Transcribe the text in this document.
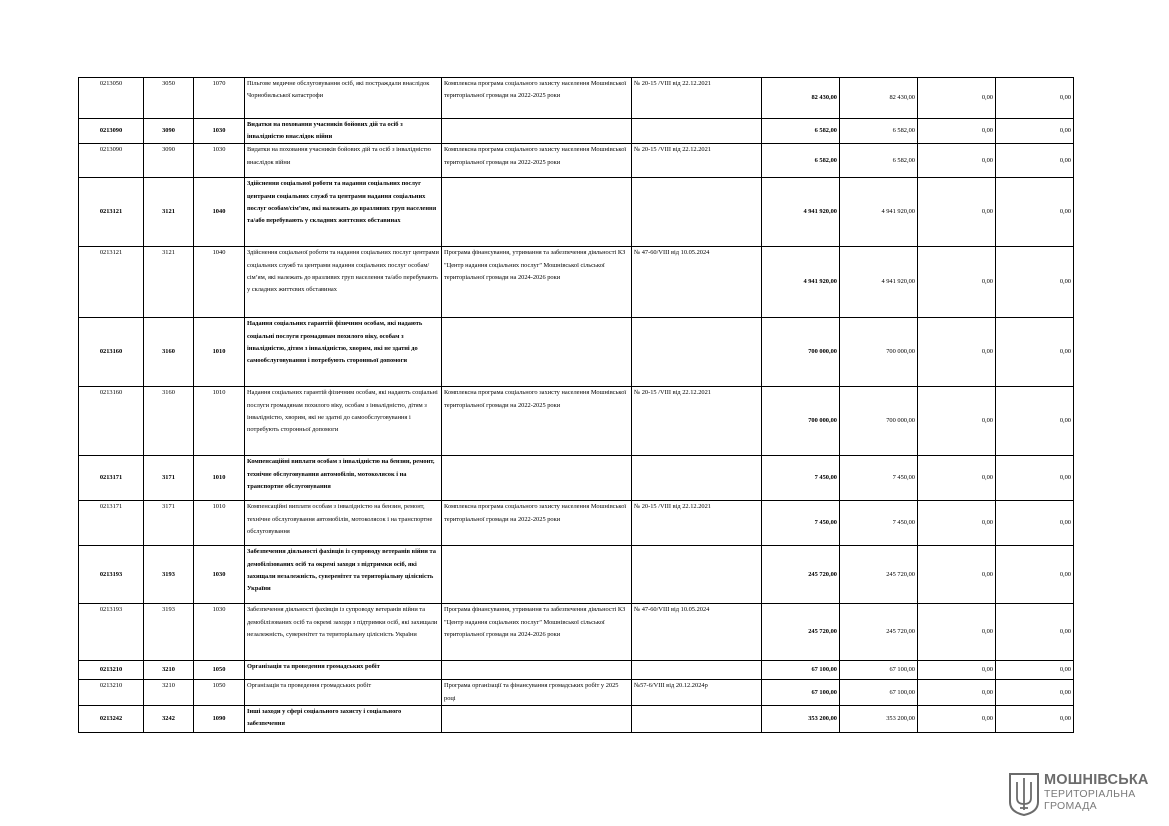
0213050	3050	1070	Пільгове медичне обслуговування осіб, які постраждали внаслідок Чорнобильської катастрофи	Комплексна програма соціального захисту населення Мошнівської територіальної громади на 2022-2025 роки	№ 20-15 /VIII від 22.12.2021	82 430,00	82 430,00	0,00	0,00
0213090	3090	1030	Видатки на поховання учасників бойових дій та осіб з інвалідністю внаслідок війни			6 582,00	6 582,00	0,00	0,00
0213090	3090	1030	Видатки на поховання учасників бойових дій та осіб з інвалідністю внаслідок війни	Комплексна програма соціального захисту населення Мошнівської територіальної громади на 2022-2025 роки	№ 20-15 /VIII від 22.12.2021	6 582,00	6 582,00	0,00	0,00
0213121	3121	1040	Здійснення соціальної роботи та надання соціальних послуг центрами соціальних служб та центрами надання соціальних послуг особам/сім’ям, які належать до вразливих груп населення та/або перебувають у складних життєвих обставинах			4 941 920,00	4 941 920,00	0,00	0,00
0213121	3121	1040	Здійснення соціальної роботи та надання соціальних послуг центрами соціальних служб та центрами надання соціальних послуг особам/сім’ям, які належать до вразливих груп населення та/або перебувають у складних життєвих обставинах	Програма фінансування, утримання та забезпечення діяльності КЗ "Центр надання соціальних послуг" Мошнівської сільської територіальної громади на 2024-2026 роки	№ 47-60/VIII від 10.05.2024	4 941 920,00	4 941 920,00	0,00	0,00
0213160	3160	1010	Надання соціальних гарантій фізичним особам, які надають соціальні послуги громадянам похилого віку, особам з інвалідністю, дітям з інвалідністю, хворим, які не здатні до самообслуговування і потребують сторонньої допомоги			700 000,00	700 000,00	0,00	0,00
0213160	3160	1010	Надання соціальних гарантій фізичним особам, які надають соціальні послуги громадянам похилого віку, особам з інвалідністю, дітям з інвалідністю, хворим, які не здатні до самообслуговування і потребують сторонньої допомоги	Комплексна програма соціального захисту населення Мошнівської територіальної громади на 2022-2025 роки	№ 20-15 /VIII від 22.12.2021	700 000,00	700 000,00	0,00	0,00
0213171	3171	1010	Компенсаційні виплати особам з інвалідністю на бензин, ремонт, технічне обслуговування автомобілів, мотоколясок і на транспортне обслуговування			7 450,00	7 450,00	0,00	0,00
0213171	3171	1010	Компенсаційні виплати особам з інвалідністю на бензин, ремонт, технічне обслуговування автомобілів, мотоколясок і на транспортне обслуговування	Комплексна програма соціального захисту населення Мошнівської територіальної громади на 2022-2025 роки	№ 20-15 /VIII від 22.12.2021	7 450,00	7 450,00	0,00	0,00
0213193	3193	1030	Забезпечення діяльності фахівців із супроводу ветеранів війни та демобілізованих осіб та окремі заходи з підтримки осіб, які захищали незалежність, суверенітет та територіальну цілісність України			245 720,00	245 720,00	0,00	0,00
0213193	3193	1030	Забезпечення діяльності фахівців із супроводу ветеранів війни та демобілізованих осіб та окремі заходи з підтримки осіб, які захищали незалежність, суверенітет та територіальну цілісність України	Програма фінансування, утримання та забезпечення діяльності КЗ "Центр надання соціальних послуг" Мошнівської сільської територіальної громади на 2024-2026 роки	№ 47-60/VIII від 10.05.2024	245 720,00	245 720,00	0,00	0,00
0213210	3210	1050	Організація та проведення громадських робіт			67 100,00	67 100,00	0,00	0,00
0213210	3210	1050	Організація та проведення громадських робіт	Програма організації та фінансування громадських робіт у 2025 році	№57-6/VIII від 20.12.2024р	67 100,00	67 100,00	0,00	0,00
0213242	3242	1090	Інші заходи у сфері соціального захисту і соціального забезпечення			353 200,00	353 200,00	0,00	0,00
МОШНІВСЬКА
ТЕРИТОРІАЛЬНА
ГРОМАДА
